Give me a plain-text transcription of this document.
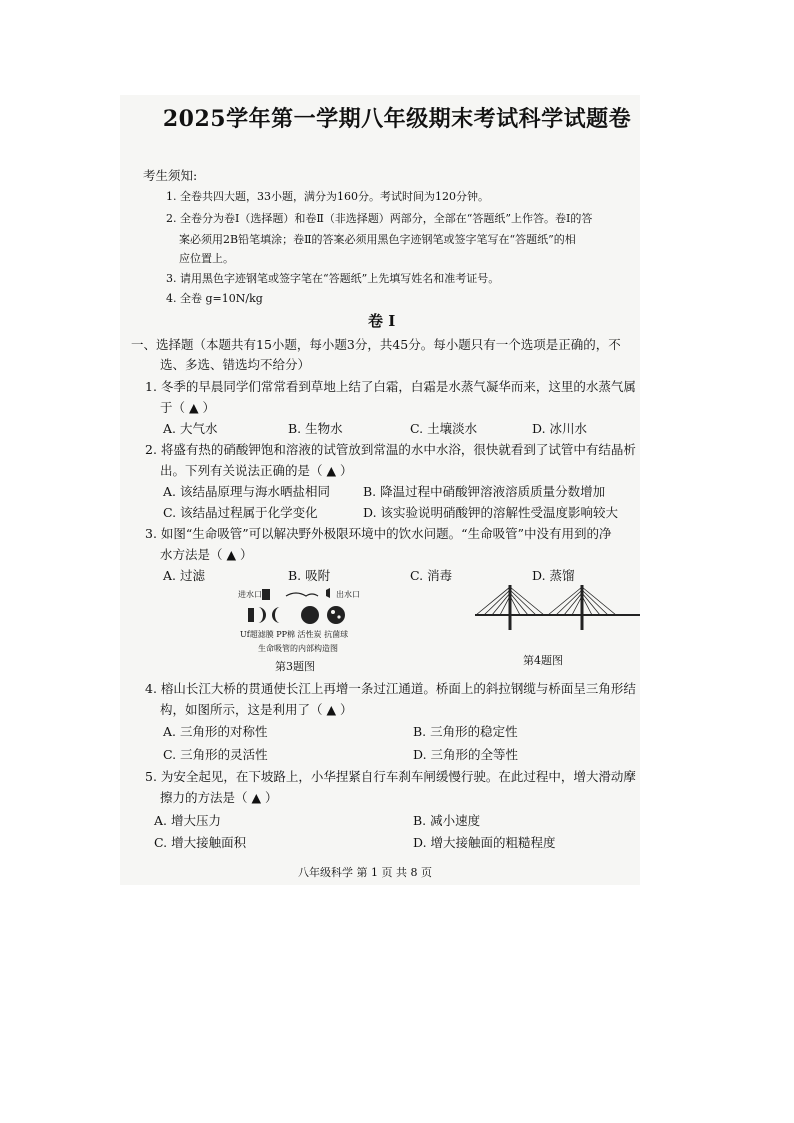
2025学年第一学期八年级期末考试科学试题卷
考生须知:
1. 全卷共四大题，33小题，满分为160分。考试时间为120分钟。
2. 全卷分为卷Ⅰ（选择题）和卷Ⅱ（非选择题）两部分，全部在“答题纸”上作答。卷Ⅰ的答
案必须用2B铅笔填涂；卷Ⅱ的答案必须用黑色字迹钢笔或签字笔写在“答题纸”的相
应位置上。
3. 请用黑色字迹钢笔或签字笔在“答题纸”上先填写姓名和准考证号。
4. 全卷 g=10N/kg
卷 Ⅰ
一、选择题（本题共有15小题，每小题3分，共45分。每小题只有一个选项是正确的，不
选、多选、错选均不给分）
1. 冬季的早晨同学们常常看到草地上结了白霜，白霜是水蒸气凝华而来，这里的水蒸气属
于（ ▲ ）
A. 大气水	B. 生物水	C. 土壤淡水	D. 冰川水
2. 将盛有热的硝酸钾饱和溶液的试管放到常温的水中水浴，很快就看到了试管中有结晶析
出。下列有关说法正确的是（ ▲ ）
A. 该结晶原理与海水晒盐相同	B. 降温过程中硝酸钾溶液溶质质量分数增加
C. 该结晶过程属于化学变化	D. 该实验说明硝酸钾的溶解性受温度影响较大
3. 如图“生命吸管”可以解决野外极限环境中的饮水问题。“生命吸管”中没有用到的净
水方法是（ ▲ ）
A. 过滤	B. 吸附	C. 消毒	D. 蒸馏
进水口	出水口
Uf超滤膜 PP棉 活性炭 抗菌球
生命吸管的内部构造图
第3题图	第4题图
4. 榕山长江大桥的贯通使长江上再增一条过江通道。桥面上的斜拉钢缆与桥面呈三角形结
构，如图所示，这是利用了（ ▲ ）
A. 三角形的对称性	B. 三角形的稳定性
C. 三角形的灵活性	D. 三角形的全等性
5. 为安全起见，在下坡路上，小华捏紧自行车刹车闸缓慢行驶。在此过程中，增大滑动摩
擦力的方法是（ ▲ ）
A. 增大压力	B. 减小速度
C. 增大接触面积	D. 增大接触面的粗糙程度
八年级科学 第 1 页 共 8 页
